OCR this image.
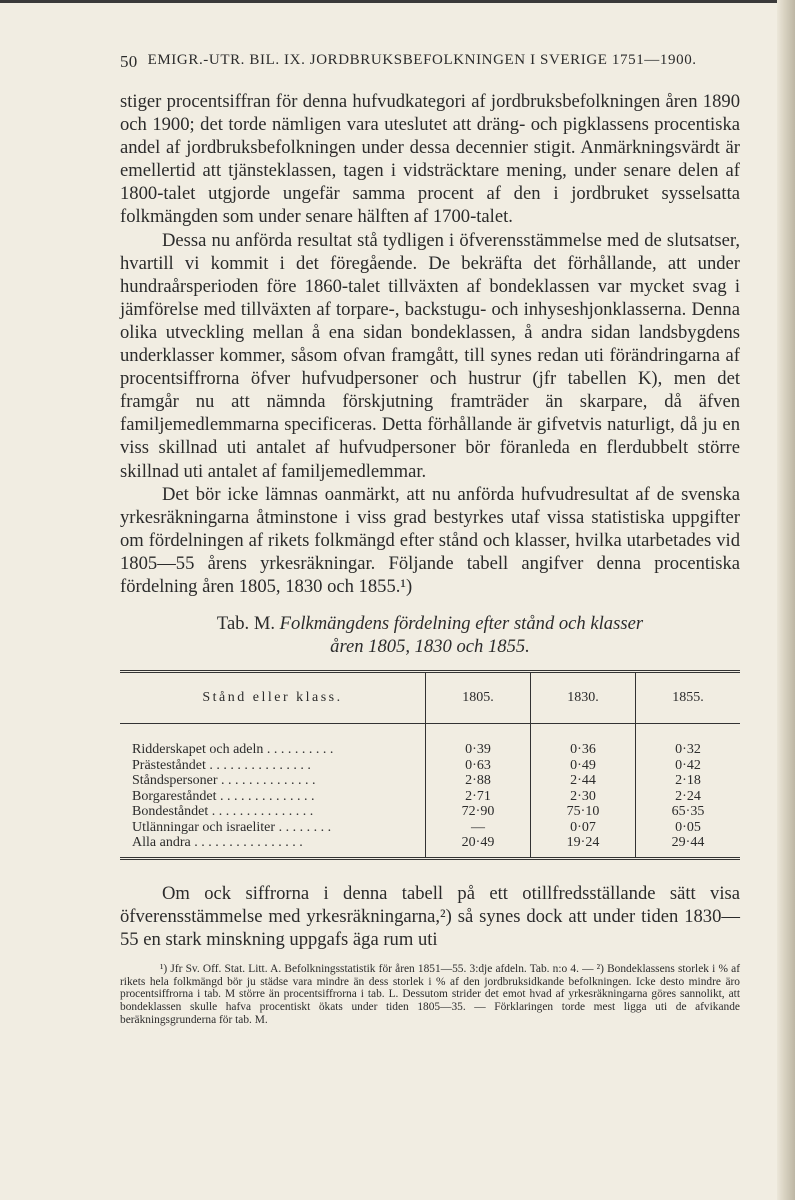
50 EMIGR.-UTR. BIL. IX. JORDBRUKSBEFOLKNINGEN I SVERIGE 1751—1900.

stiger procentsiffran för denna hufvudkategori af jordbruksbefolkningen åren 1890 och 1900; det torde nämligen vara uteslutet att dräng- och pigklassens procentiska andel af jordbruksbefolkningen under dessa decennier stigit. Anmärkningsvärdt är emellertid att tjänsteklassen, tagen i vidsträcktare mening, under senare delen af 1800-talet utgjorde ungefär samma procent af den i jordbruket sysselsatta folkmängden som under senare hälften af 1700-talet.

Dessa nu anförda resultat stå tydligen i öfverensstämmelse med de slutsatser, hvartill vi kommit i det föregående. De bekräfta det förhållande, att under hundraårsperioden före 1860-talet tillväxten af bondeklassen var mycket svag i jämförelse med tillväxten af torpare-, backstugu- och inhyseshjonklasserna. Denna olika utveckling mellan å ena sidan bondeklassen, å andra sidan landsbygdens underklasser kommer, såsom ofvan framgått, till synes redan uti förändringarna af procentsiffrorna öfver hufvudpersoner och hustrur (jfr tabellen K), men det framgår nu att nämnda förskjutning framträder än skarpare, då äfven familjemedlemmarna specificeras. Detta förhållande är gifvetvis naturligt, då ju en viss skillnad uti antalet af hufvudpersoner bör föranleda en flerdubbelt större skillnad uti antalet af familjemedlemmar.

Det bör icke lämnas oanmärkt, att nu anförda hufvudresultat af de svenska yrkesräkningarna åtminstone i viss grad bestyrkes utaf vissa statistiska uppgifter om fördelningen af rikets folkmängd efter stånd och klasser, hvilka utarbetades vid 1805—55 årens yrkesräkningar. Följande tabell angifver denna procentiska fördelning åren 1805, 1830 och 1855.¹)

Tab. M. Folkmängdens fördelning efter stånd och klasser
åren 1805, 1830 och 1855.
Stånd eller klass.	1805.	1830.	1855.

Ridderskapet och adeln . . . . . . . . . .	0·39	0·36	0·32
Prästeståndet . . . . . . . . . . . . . . .	0·63	0·49	0·42
Ståndspersoner . . . . . . . . . . . . . .	2·88	2·44	2·18
Borgareståndet . . . . . . . . . . . . . .	2·71	2·30	2·24
Bondeståndet . . . . . . . . . . . . . . .	72·90	75·10	65·35
Utlänningar och israeliter . . . . . . . .	—	0·07	0·05
Alla andra . . . . . . . . . . . . . . . .	20·49	19·24	29·44

Om ock siffrorna i denna tabell på ett otillfredsställande sätt visa öfverensstämmelse med yrkesräkningarna,²) så synes dock att under tiden 1830—55 en stark minskning uppgafs äga rum uti

¹) Jfr Sv. Off. Stat. Litt. A. Befolkningsstatistik för åren 1851—55. 3:dje afdeln. Tab. n:o 4. — ²) Bondeklassens storlek i % af rikets hela folkmängd bör ju städse vara mindre än dess storlek i % af den jordbruksidkande befolkningen. Icke desto mindre äro procentsiffrorna i tab. M större än procentsiffrorna i tab. L. Dessutom strider det emot hvad af yrkesräkningarna göres sannolikt, att bondeklassen skulle hafva procentiskt ökats under tiden 1805—35. — Förklaringen torde mest ligga uti de afvikande beräkningsgrunderna för tab. M.
